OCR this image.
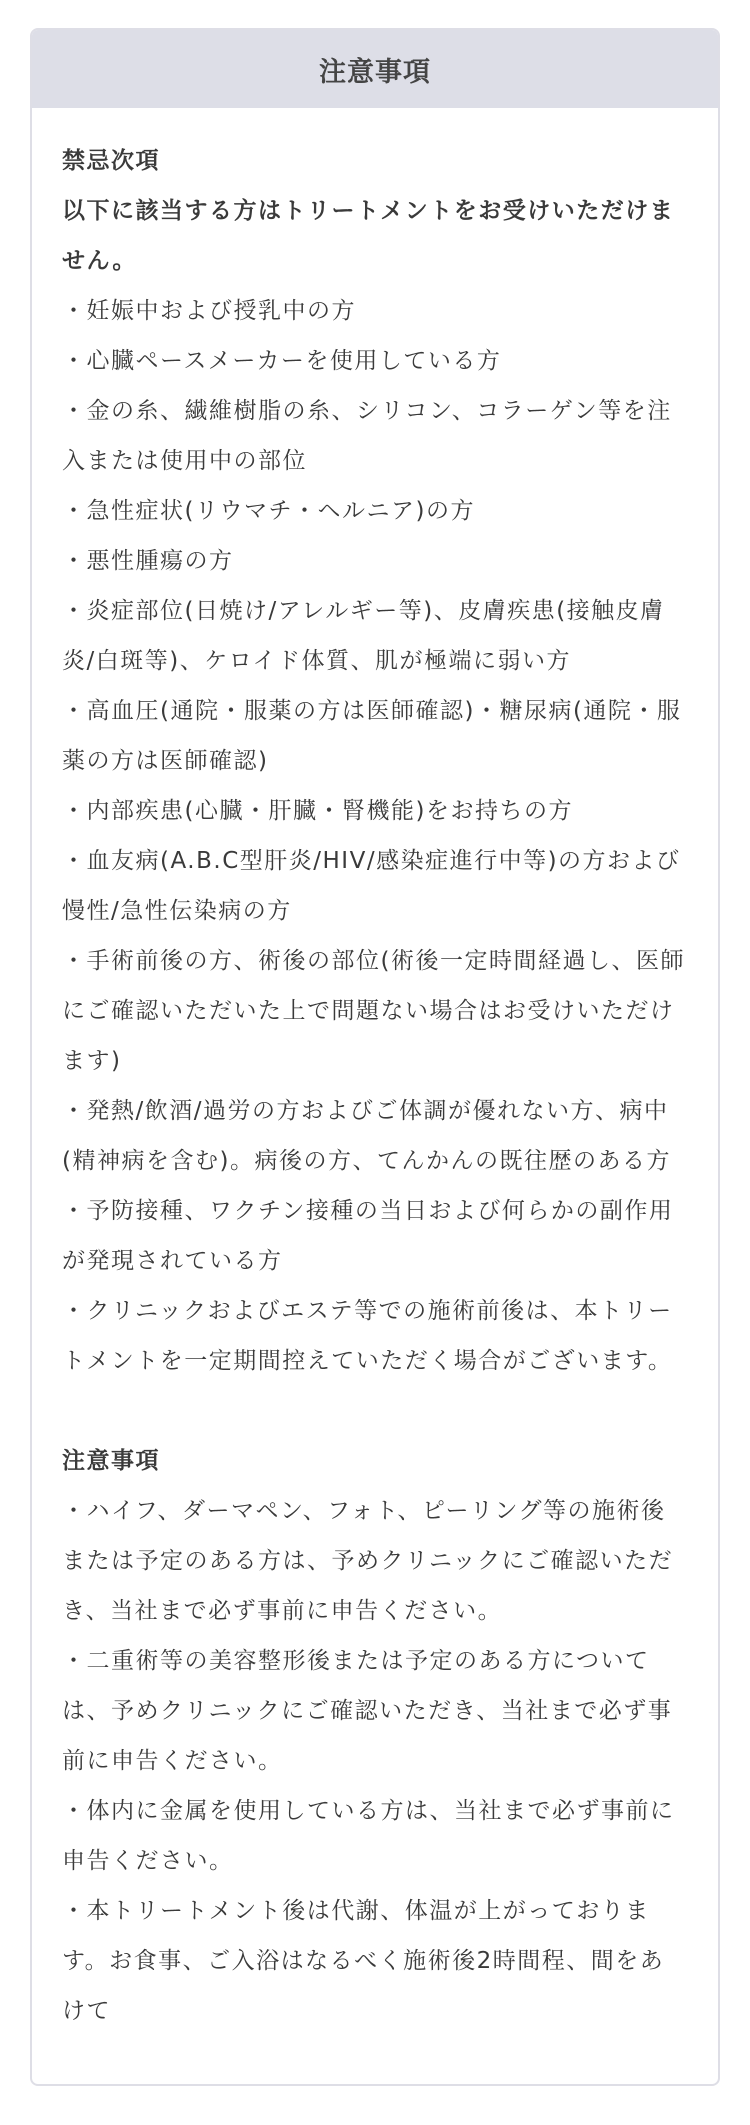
注意事項

禁忌次項

以下に該当する方はトリートメントをお受けいただけません。

・妊娠中および授乳中の方

・心臓ペースメーカーを使用している方

・金の糸、繊維樹脂の糸、シリコン、コラーゲン等を注入または使用中の部位

・急性症状(リウマチ・ヘルニア)の方

・悪性腫瘍の方

・炎症部位(日焼け/アレルギー等)、皮膚疾患(接触皮膚炎/白斑等)、ケロイド体質、肌が極端に弱い方

・高血圧(通院・服薬の方は医師確認)・糖尿病(通院・服薬の方は医師確認)

・内部疾患(心臓・肝臓・腎機能)をお持ちの方

・血友病(A.B.C型肝炎/HIV/感染症進行中等)の方および慢性/急性伝染病の方

・手術前後の方、術後の部位(術後一定時間経過し、医師にご確認いただいた上で問題ない場合はお受けいただけます)

・発熱/飲酒/過労の方およびご体調が優れない方、病中(精神病を含む)。病後の方、てんかんの既往歴のある方

・予防接種、ワクチン接種の当日および何らかの副作用が発現されている方

・クリニックおよびエステ等での施術前後は、本トリートメントを一定期間控えていただく場合がございます。

注意事項

・ハイフ、ダーマペン、フォト、ピーリング等の施術後または予定のある方は、予めクリニックにご確認いただき、当社まで必ず事前に申告ください。

・二重術等の美容整形後または予定のある方については、予めクリニックにご確認いただき、当社まで必ず事前に申告ください。

・体内に金属を使用している方は、当社まで必ず事前に申告ください。

・本トリートメント後は代謝、体温が上がっております。お食事、ご入浴はなるべく施術後2時間程、間をあけて
